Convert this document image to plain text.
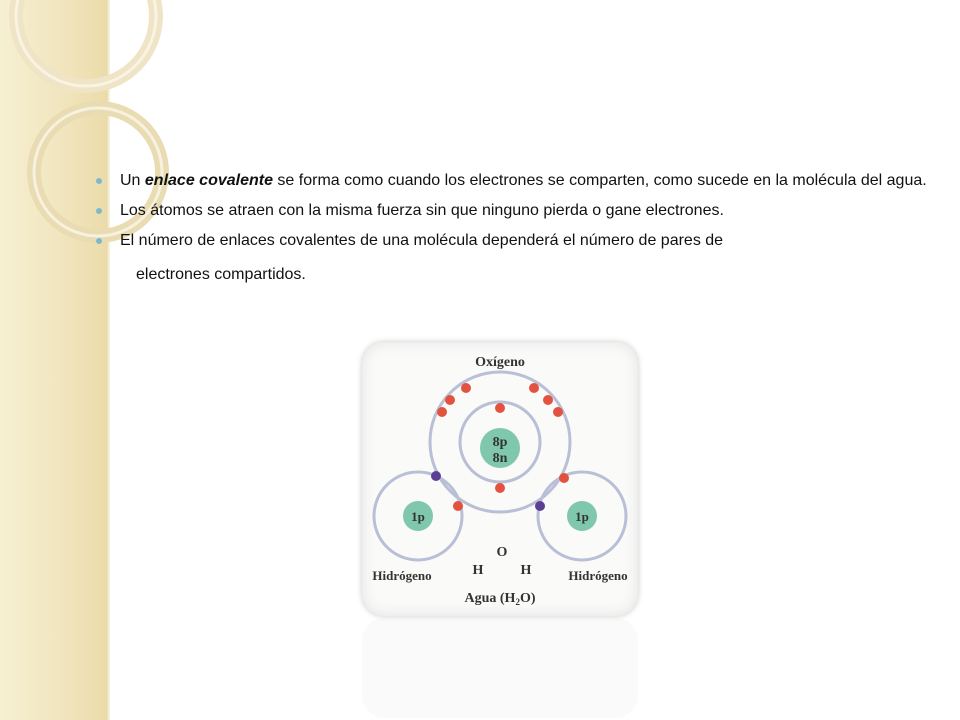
Un enlace covalente se forma como cuando los electrones se comparten, como sucede en la molécula del agua.
Los átomos se atraen con la misma fuerza sin que ninguno pierda o gane electrones.
El número de enlaces covalentes de una molécula dependerá el número de pares de
electrones compartidos.
Oxígeno
8p
8n
1p	1p
Hidrógeno	Hidrógeno
O
H	H
Agua $(H_2O)$
